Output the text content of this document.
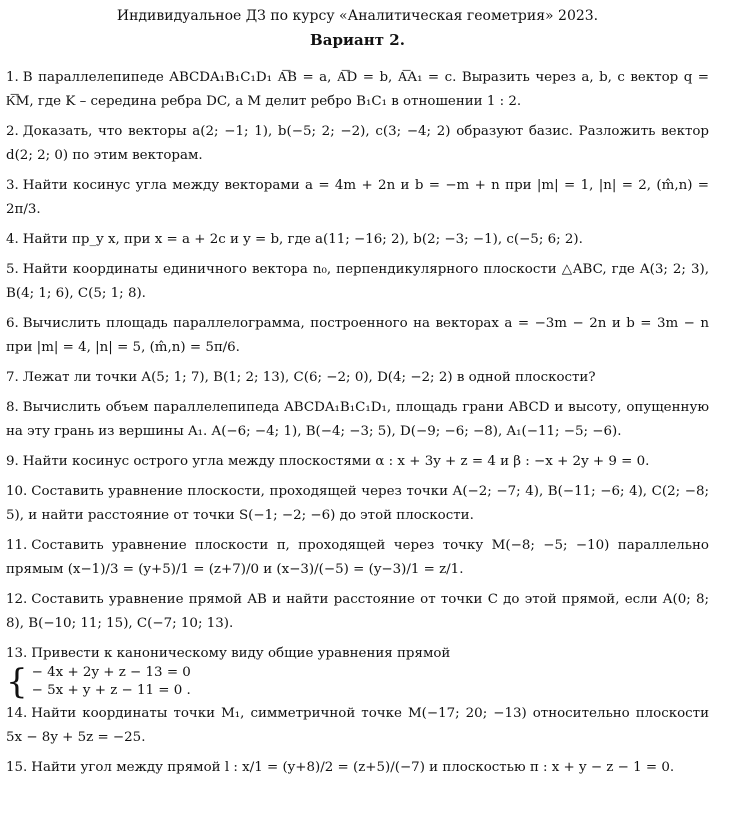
Индивидуальное ДЗ по курсу «Аналитическая геометрия» 2023.

Вариант 2.

1. В параллелепипеде ABCDA₁B₁C₁D₁ A͞B = a, A͞D = b, A͞A₁ = c. Выразить через a, b, c вектор q = K͞M, где K – середина ребра DC, а M делит ребро B₁C₁ в отношении 1 : 2.
2. Доказать, что векторы a(2; −1; 1), b(−5; 2; −2), c(3; −4; 2) образуют базис. Разложить вектор d(2; 2; 0) по этим векторам.
3. Найти косинус угла между векторами a = 4m + 2n и b = −m + n при |m| = 1, |n| = 2, (m̂,n) = 2π/3.
4. Найти пр_y x, при x = a + 2c и y = b, где a(11; −16; 2), b(2; −3; −1), c(−5; 6; 2).
5. Найти координаты единичного вектора n₀, перпендикулярного плоскости △ABC, где A(3; 2; 3), B(4; 1; 6), C(5; 1; 8).
6. Вычислить площадь параллелограмма, построенного на векторах a = −3m − 2n и b = 3m − n при |m| = 4, |n| = 5, (m̂,n) = 5π/6.
7. Лежат ли точки A(5; 1; 7), B(1; 2; 13), C(6; −2; 0), D(4; −2; 2) в одной плоскости?
8. Вычислить объем параллелепипеда ABCDA₁B₁C₁D₁, площадь грани ABCD и высоту, опущенную на эту грань из вершины A₁. A(−6; −4; 1), B(−4; −3; 5), D(−9; −6; −8), A₁(−11; −5; −6).
9. Найти косинус острого угла между плоскостями α : x + 3y + z = 4 и β : −x + 2y + 9 = 0.
10. Составить уравнение плоскости, проходящей через точки A(−2; −7; 4), B(−11; −6; 4), C(2; −8; 5), и найти расстояние от точки S(−1; −2; −6) до этой плоскости.
11. Составить уравнение плоскости π, проходящей через точку M(−8; −5; −10) параллельно прямым (x−1)/3 = (y+5)/1 = (z+7)/0 и (x−3)/(−5) = (y−3)/1 = z/1.
12. Составить уравнение прямой AB и найти расстояние от точки C до этой прямой, если A(0; 8; 8), B(−10; 11; 15), C(−7; 10; 13).
13. Привести к каноническому виду общие уравнения прямой
{ − 4x + 2y + z − 13 = 0
− 5x + y + z − 11 = 0 .
14. Найти координаты точки M₁, симметричной точке M(−17; 20; −13) относительно плоскости 5x − 8y + 5z = −25.
15. Найти угол между прямой l : x/1 = (y+8)/2 = (z+5)/(−7) и плоскостью π : x + y − z − 1 = 0.
